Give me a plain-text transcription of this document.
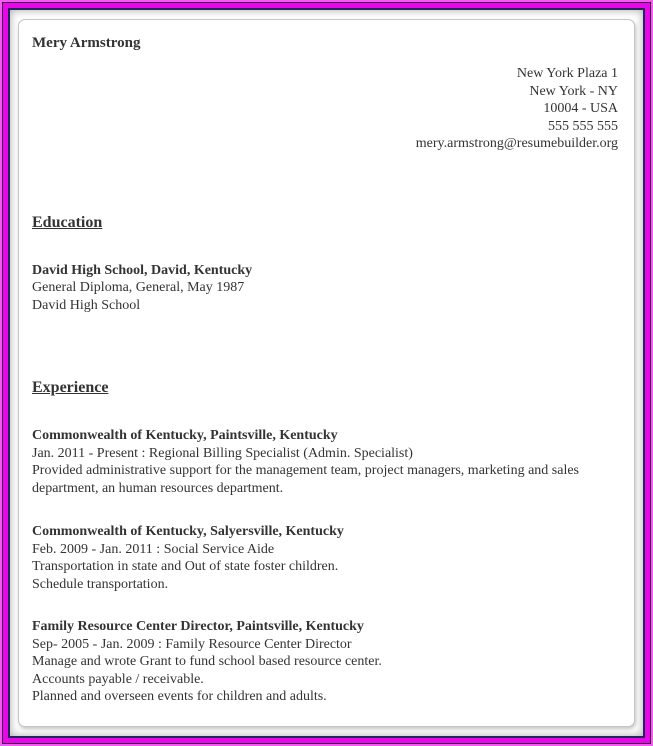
Mery Armstrong
New York Plaza 1
New York - NY
10004 - USA
555 555 555
mery.armstrong@resumebuilder.org
Education
David High School, David, Kentucky
General Diploma, General, May 1987
David High School
Experience
Commonwealth of Kentucky, Paintsville, Kentucky
Jan. 2011 - Present : Regional Billing Specialist (Admin. Specialist)
Provided administrative support for the management team, project managers, marketing and sales department, an human resources department.
Commonwealth of Kentucky, Salyersville, Kentucky
Feb. 2009 - Jan. 2011 : Social Service Aide
Transportation in state and Out of state foster children.
Schedule transportation.
Family Resource Center Director, Paintsville, Kentucky
Sep- 2005 - Jan. 2009 : Family Resource Center Director
Manage and wrote Grant to fund school based resource center.
Accounts payable / receivable.
Planned and overseen events for children and adults.
